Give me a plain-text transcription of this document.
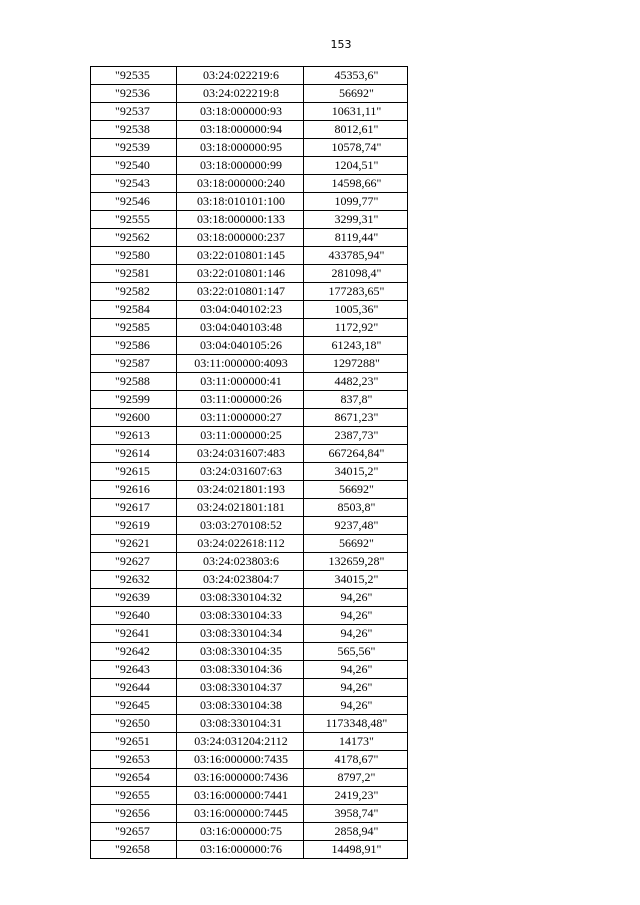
153
"92535	03:24:022219:6	45353,6"
"92536	03:24:022219:8	56692"
"92537	03:18:000000:93	10631,11"
"92538	03:18:000000:94	8012,61"
"92539	03:18:000000:95	10578,74"
"92540	03:18:000000:99	1204,51"
"92543	03:18:000000:240	14598,66"
"92546	03:18:010101:100	1099,77"
"92555	03:18:000000:133	3299,31"
"92562	03:18:000000:237	8119,44"
"92580	03:22:010801:145	433785,94"
"92581	03:22:010801:146	281098,4"
"92582	03:22:010801:147	177283,65"
"92584	03:04:040102:23	1005,36"
"92585	03:04:040103:48	1172,92"
"92586	03:04:040105:26	61243,18"
"92587	03:11:000000:4093	1297288"
"92588	03:11:000000:41	4482,23"
"92599	03:11:000000:26	837,8"
"92600	03:11:000000:27	8671,23"
"92613	03:11:000000:25	2387,73"
"92614	03:24:031607:483	667264,84"
"92615	03:24:031607:63	34015,2"
"92616	03:24:021801:193	56692"
"92617	03:24:021801:181	8503,8"
"92619	03:03:270108:52	9237,48"
"92621	03:24:022618:112	56692"
"92627	03:24:023803:6	132659,28"
"92632	03:24:023804:7	34015,2"
"92639	03:08:330104:32	94,26"
"92640	03:08:330104:33	94,26"
"92641	03:08:330104:34	94,26"
"92642	03:08:330104:35	565,56"
"92643	03:08:330104:36	94,26"
"92644	03:08:330104:37	94,26"
"92645	03:08:330104:38	94,26"
"92650	03:08:330104:31	1173348,48"
"92651	03:24:031204:2112	14173"
"92653	03:16:000000:7435	4178,67"
"92654	03:16:000000:7436	8797,2"
"92655	03:16:000000:7441	2419,23"
"92656	03:16:000000:7445	3958,74"
"92657	03:16:000000:75	2858,94"
"92658	03:16:000000:76	14498,91"
